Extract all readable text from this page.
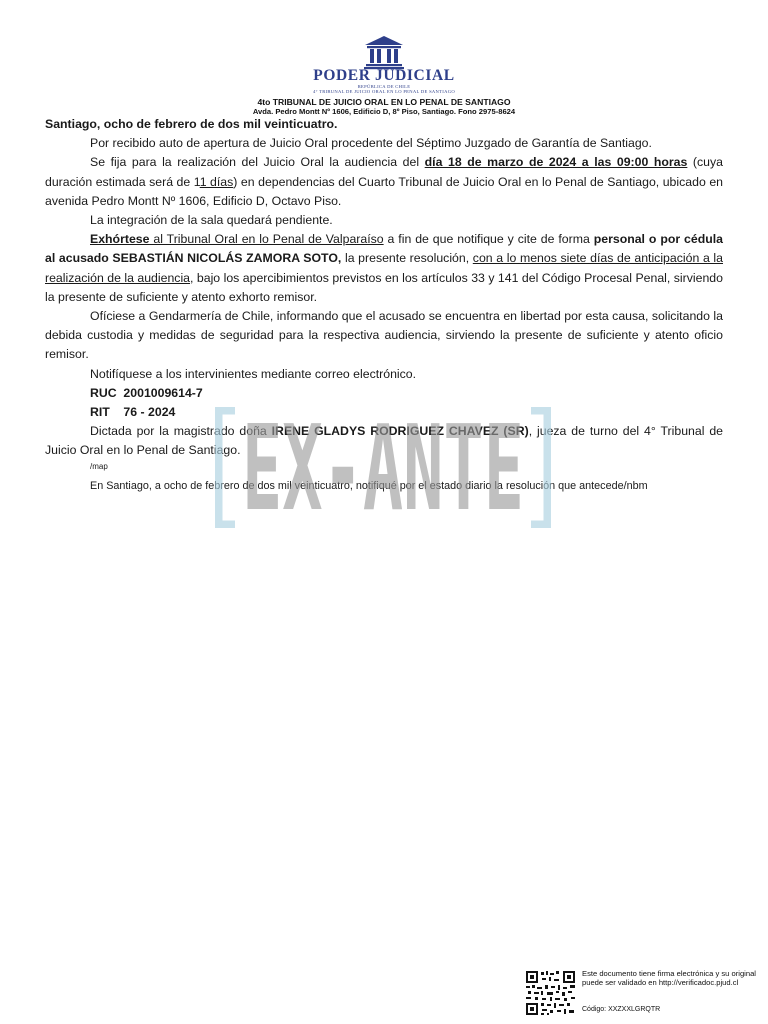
PODER JUDICIAL
REPÚBLICA DE CHILE
4° TRIBUNAL DE JUICIO ORAL EN LO PENAL DE SANTIAGO
4to TRIBUNAL DE JUICIO ORAL EN LO PENAL DE SANTIAGO
Avda. Pedro Montt Nº 1606, Edificio D, 8º Piso, Santiago. Fono 2975-8624

Santiago, ocho de febrero de dos mil veinticuatro.

Por recibido auto de apertura de Juicio Oral procedente del Séptimo Juzgado de Garantía de Santiago.

Se fija para la realización del Juicio Oral la audiencia del día 18 de marzo de 2024 a las 09:00 horas (cuya duración estimada será de 11 días) en dependencias del Cuarto Tribunal de Juicio Oral en lo Penal de Santiago, ubicado en avenida Pedro Montt Nº 1606, Edificio D, Octavo Piso.

La integración de la sala quedará pendiente.

Exhórtese al Tribunal Oral en lo Penal de Valparaíso a fin de que notifique y cite de forma personal o por cédula al acusado SEBASTIÁN NICOLÁS ZAMORA SOTO, la presente resolución, con a lo menos siete días de anticipación a la realización de la audiencia, bajo los apercibimientos previstos en los artículos 33 y 141 del Código Procesal Penal, sirviendo la presente de suficiente y atento exhorto remisor.

Ofíciese a Gendarmería de Chile, informando que el acusado se encuentra en libertad por esta causa, solicitando la debida custodia y medidas de seguridad para la respectiva audiencia, sirviendo la presente de suficiente y atento oficio remisor.

Notifíquese a los intervinientes mediante correo electrónico.

RUC 2001009614-7

RIT 76 - 2024

Dictada por la magistrado doña IRENE GLADYS RODRIGUEZ CHAVEZ (SR), jueza de turno del 4° Tribunal de Juicio Oral en lo Penal de Santiago.

/map

En Santiago, a ocho de febrero de dos mil veinticuatro, notifiqué por el estado diario la resolución que antecede/nbm

EX-ANTE
Este documento tiene firma electrónica y su original puede ser validado en http://verificadoc.pjud.cl
Código: XXZXXLGRQTR
